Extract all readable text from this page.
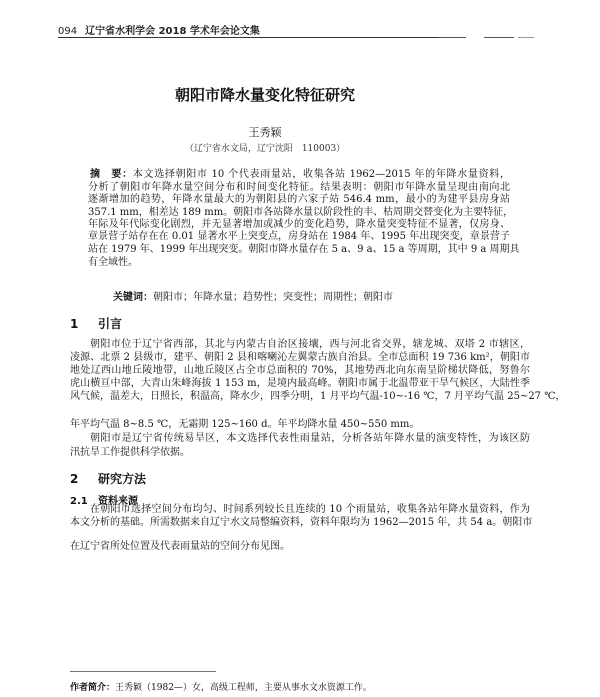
094 辽宁省水利学会 2018 学术年会论文集
朝阳市降水量变化特征研究
王秀颖
（辽宁省水文局，辽宁沈阳　110003）
摘　要：本文选择朝阳市 10 个代表雨量站，收集各站 1962—2015 年的年降水量资料，
分析了朝阳市年降水量空间分布和时间变化特征。结果表明：朝阳市年降水量呈现由南向北
逐渐增加的趋势，年降水量最大的为朝阳县的六家子站 546.4 mm，最小的为建平县房身站
357.1 mm，相差达 189 mm。朝阳市各站降水量以阶段性的丰、枯周期交替变化为主要特征，
年际及年代际变化剧烈，并无显著增加或减少的变化趋势，降水量突变特征不显著，仅房身、
章景营子站存在在 0.01 显著水平上突变点，房身站在 1984 年、1995 年出现突变，章景营子
站在 1979 年、1999 年出现突变。朝阳市降水量存在 5 a、9 a、15 a 等周期，其中 9 a 周期具
有全域性。
关键词：朝阳市；年降水量；趋势性；突变性；周期性；朝阳市
1 引言
朝阳市位于辽宁省西部，其北与内蒙古自治区接壤，西与河北省交界，辖龙城、双塔 2 市辖区，
凌源、北票 2 县级市，建平、朝阳 2 县和喀喇沁左翼蒙古族自治县。全市总面积 19 736 km²，朝阳市
地处辽西山地丘陵地带，山地丘陵区占全市总面积的 70%，其地势西北向东南呈阶梯状降低，努鲁尔
虎山横亘中部，大青山朱峰海拔 1 153 m，是境内最高峰。朝阳市属于北温带亚干旱气候区，大陆性季
风气候，温差大，日照长，积温高，降水少，四季分明，1 月平均气温-10~-16 ℃，7 月平均气温 25~27 ℃，
年平均气温 8~8.5 ℃，无霜期 125~160 d。年平均降水量 450~550 mm。
朝阳市是辽宁省传统易旱区，本文选择代表性雨量站，分析各站年降水量的演变特性，为该区防
汛抗旱工作提供科学依据。
2 研究方法
2.1 资料来源
在朝阳市选择空间分布均匀、时间系列较长且连续的 10 个雨量站，收集各站年降水量资料，作为
本文分析的基础。所需数据来自辽宁水文局整编资料，资料年限均为 1962—2015 年，共 54 a。朝阳市
在辽宁省所处位置及代表雨量站的空间分布见图。
作者简介：王秀颖（1982—）女，高级工程师，主要从事水文水资源工作。
